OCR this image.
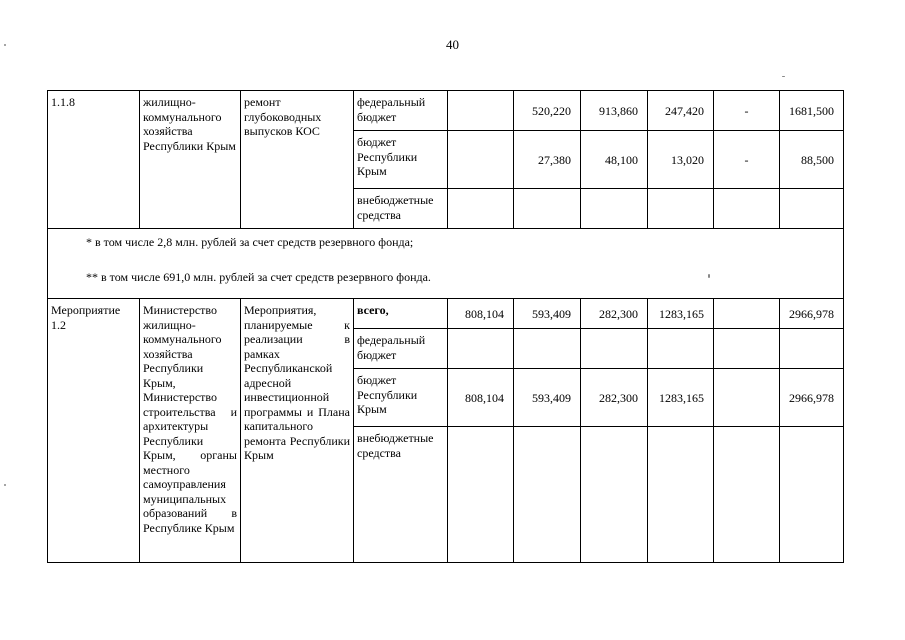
40
1.1.8	жилищно-коммунального хозяйства Республики Крым	ремонт глубоководных выпусков КОС	федеральный бюджет		520,220	913,860	247,420	-	1681,500
			бюджет Республики Крым		27,380	48,100	13,020	-	88,500
			внебюджетные средства						

* в том числе 2,8 млн. рублей за счет средств резервного фонда;

** в том числе 691,0 млн. рублей за счет средств резервного фонда.									

Мероприятие 1.2	Министерство жилищно-коммунального хозяйства Республики Крым, Министерство строительства и архитектуры Республики Крым, органы местного самоуправления муниципальных образований в Республике Крым	Мероприятия, планируемые к реализации в рамках Республиканской адресной инвестиционной программы и Плана капитального ремонта Республики Крым	всего,	808,104	593,409	282,300	1283,165		2966,978
			федеральный бюджет						
			бюджет Республики Крым	808,104	593,409	282,300	1283,165		2966,978
			внебюджетные средства						
